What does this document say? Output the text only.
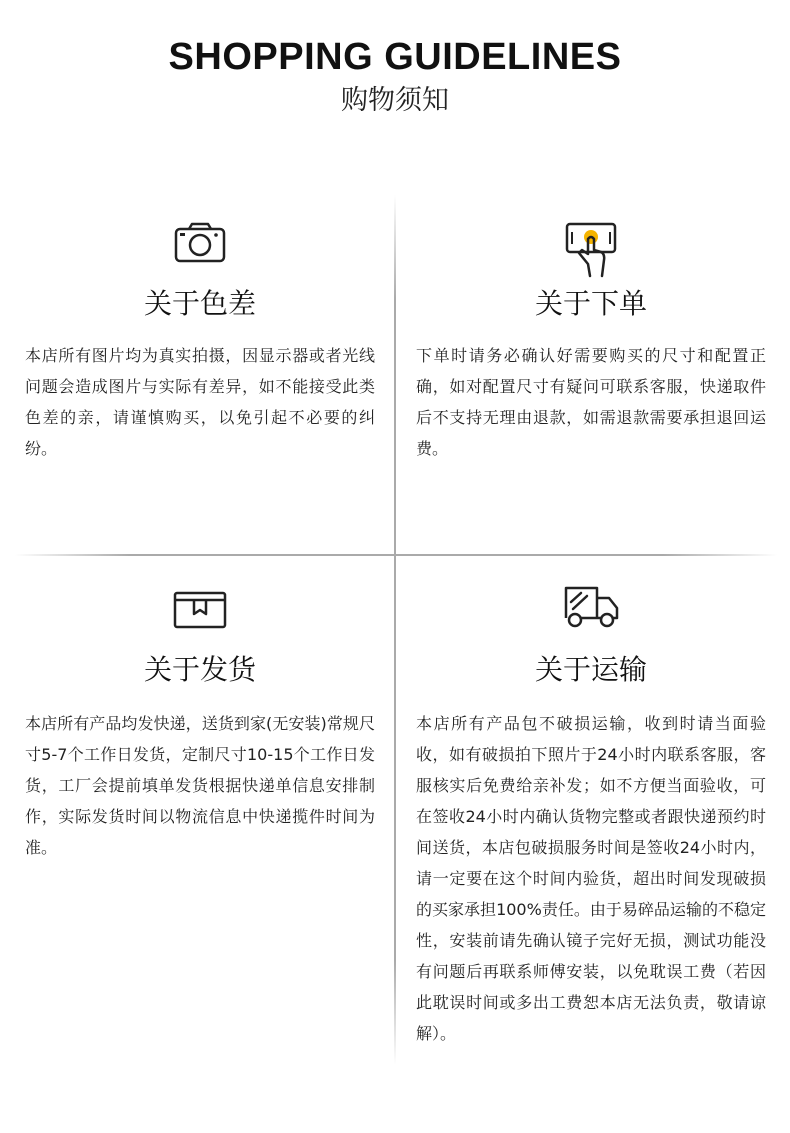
SHOPPING GUIDELINES
购物须知
关于色差

本店所有图片均为真实拍摄，因显示器或者光线问题会造成图片与实际有差异，如不能接受此类色差的亲，请谨慎购买，以免引起不必要的纠纷。

关于下单

下单时请务必确认好需要购买的尺寸和配置正确，如对配置尺寸有疑问可联系客服，快递取件后不支持无理由退款，如需退款需要承担退回运费。

关于发货

本店所有产品均发快递，送货到家(无安装)常规尺寸5-7个工作日发货，定制尺寸10-15个工作日发货，工厂会提前填单发货根据快递单信息安排制作，实际发货时间以物流信息中快递揽件时间为准。

关于运输

本店所有产品包不破损运输，收到时请当面验收，如有破损拍下照片于24小时内联系客服，客服核实后免费给亲补发；如不方便当面验收，可在签收24小时内确认货物完整或者跟快递预约时间送货，本店包破损服务时间是签收24小时内，请一定要在这个时间内验货，超出时间发现破损的买家承担100%责任。由于易碎品运输的不稳定性，安装前请先确认镜子完好无损，测试功能没有问题后再联系师傅安装，以免耽误工费（若因此耽误时间或多出工费恕本店无法负责，敬请谅解）。
